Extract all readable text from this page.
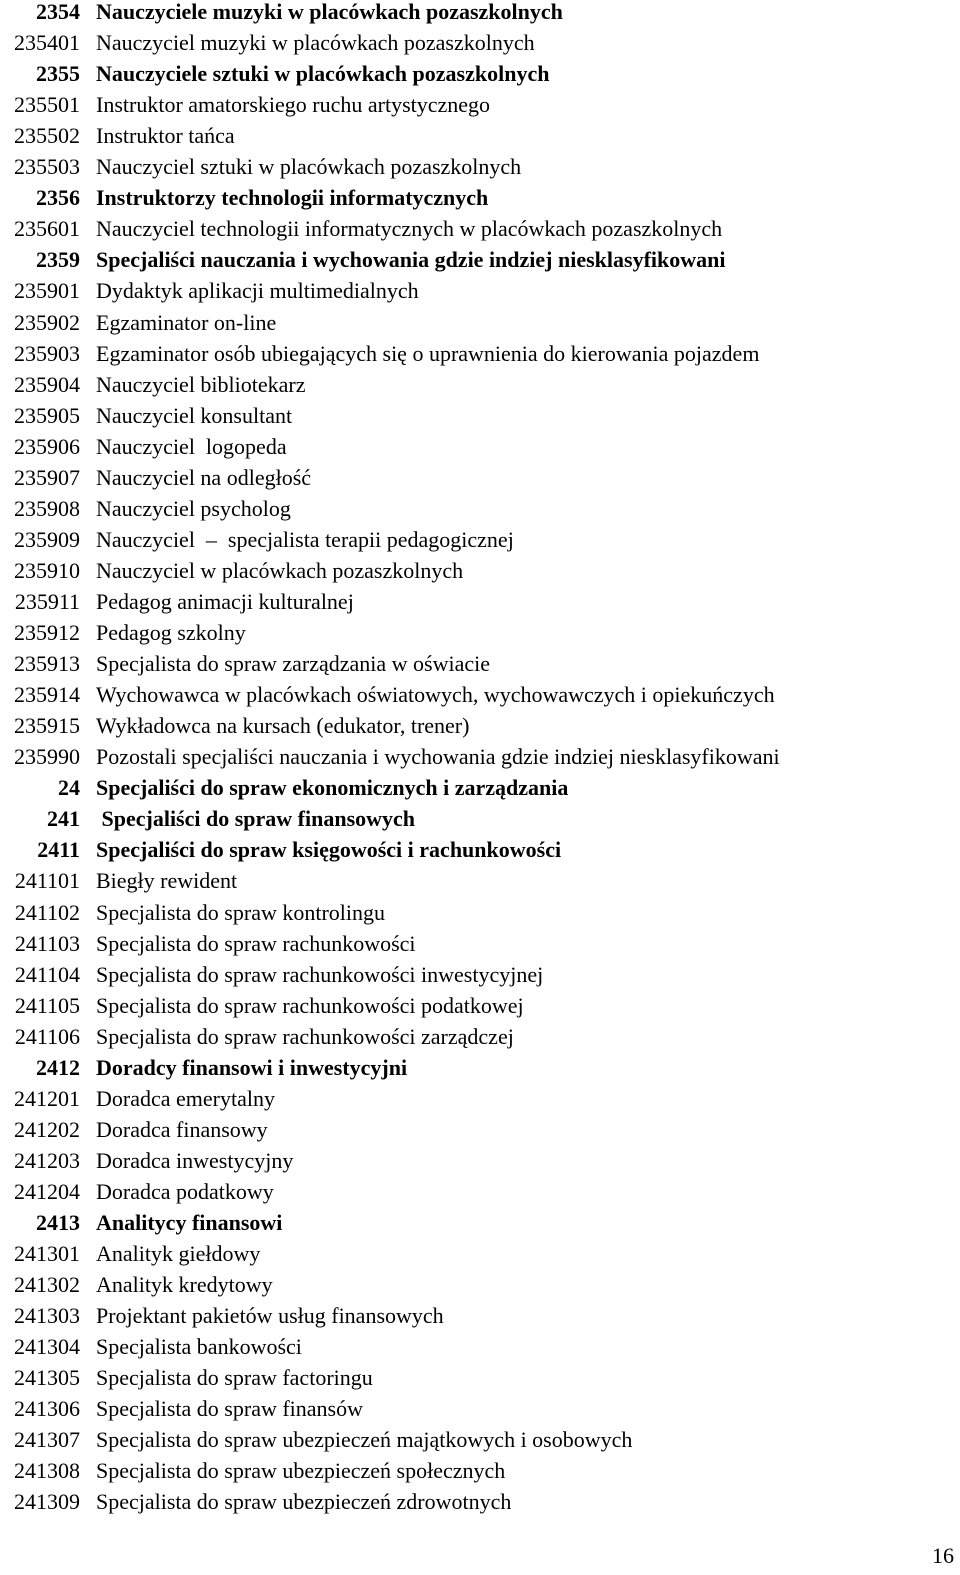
2354 Nauczyciele muzyki w placówkach pozaszkolnych
235401 Nauczyciel muzyki w placówkach pozaszkolnych
2355 Nauczyciele sztuki w placówkach pozaszkolnych
235501 Instruktor amatorskiego ruchu artystycznego
235502 Instruktor tańca
235503 Nauczyciel sztuki w placówkach pozaszkolnych
2356 Instruktorzy technologii informatycznych
235601 Nauczyciel technologii informatycznych w placówkach pozaszkolnych
2359 Specjaliści nauczania i wychowania gdzie indziej niesklasyfikowani
235901 Dydaktyk aplikacji multimedialnych
235902 Egzaminator on-line
235903 Egzaminator osób ubiegających się o uprawnienia do kierowania pojazdem
235904 Nauczyciel bibliotekarz
235905 Nauczyciel konsultant
235906 Nauczyciel  logopeda
235907 Nauczyciel na odległość
235908 Nauczyciel psycholog
235909 Nauczyciel  –  specjalista terapii pedagogicznej
235910 Nauczyciel w placówkach pozaszkolnych
235911 Pedagog animacji kulturalnej
235912 Pedagog szkolny
235913 Specjalista do spraw zarządzania w oświacie
235914 Wychowawca w placówkach oświatowych, wychowawczych i opiekuńczych
235915 Wykładowca na kursach (edukator, trener)
235990 Pozostali specjaliści nauczania i wychowania gdzie indziej niesklasyfikowani
24 Specjaliści do spraw ekonomicznych i zarządzania
241 Specjaliści do spraw finansowych
2411 Specjaliści do spraw księgowości i rachunkowości
241101 Biegły rewident
241102 Specjalista do spraw kontrolingu
241103 Specjalista do spraw rachunkowości
241104 Specjalista do spraw rachunkowości inwestycyjnej
241105 Specjalista do spraw rachunkowości podatkowej
241106 Specjalista do spraw rachunkowości zarządczej
2412 Doradcy finansowi i inwestycyjni
241201 Doradca emerytalny
241202 Doradca finansowy
241203 Doradca inwestycyjny
241204 Doradca podatkowy
2413 Analitycy finansowi
241301 Analityk giełdowy
241302 Analityk kredytowy
241303 Projektant pakietów usług finansowych
241304 Specjalista bankowości
241305 Specjalista do spraw factoringu
241306 Specjalista do spraw finansów
241307 Specjalista do spraw ubezpieczeń majątkowych i osobowych
241308 Specjalista do spraw ubezpieczeń społecznych
241309 Specjalista do spraw ubezpieczeń zdrowotnych
16
